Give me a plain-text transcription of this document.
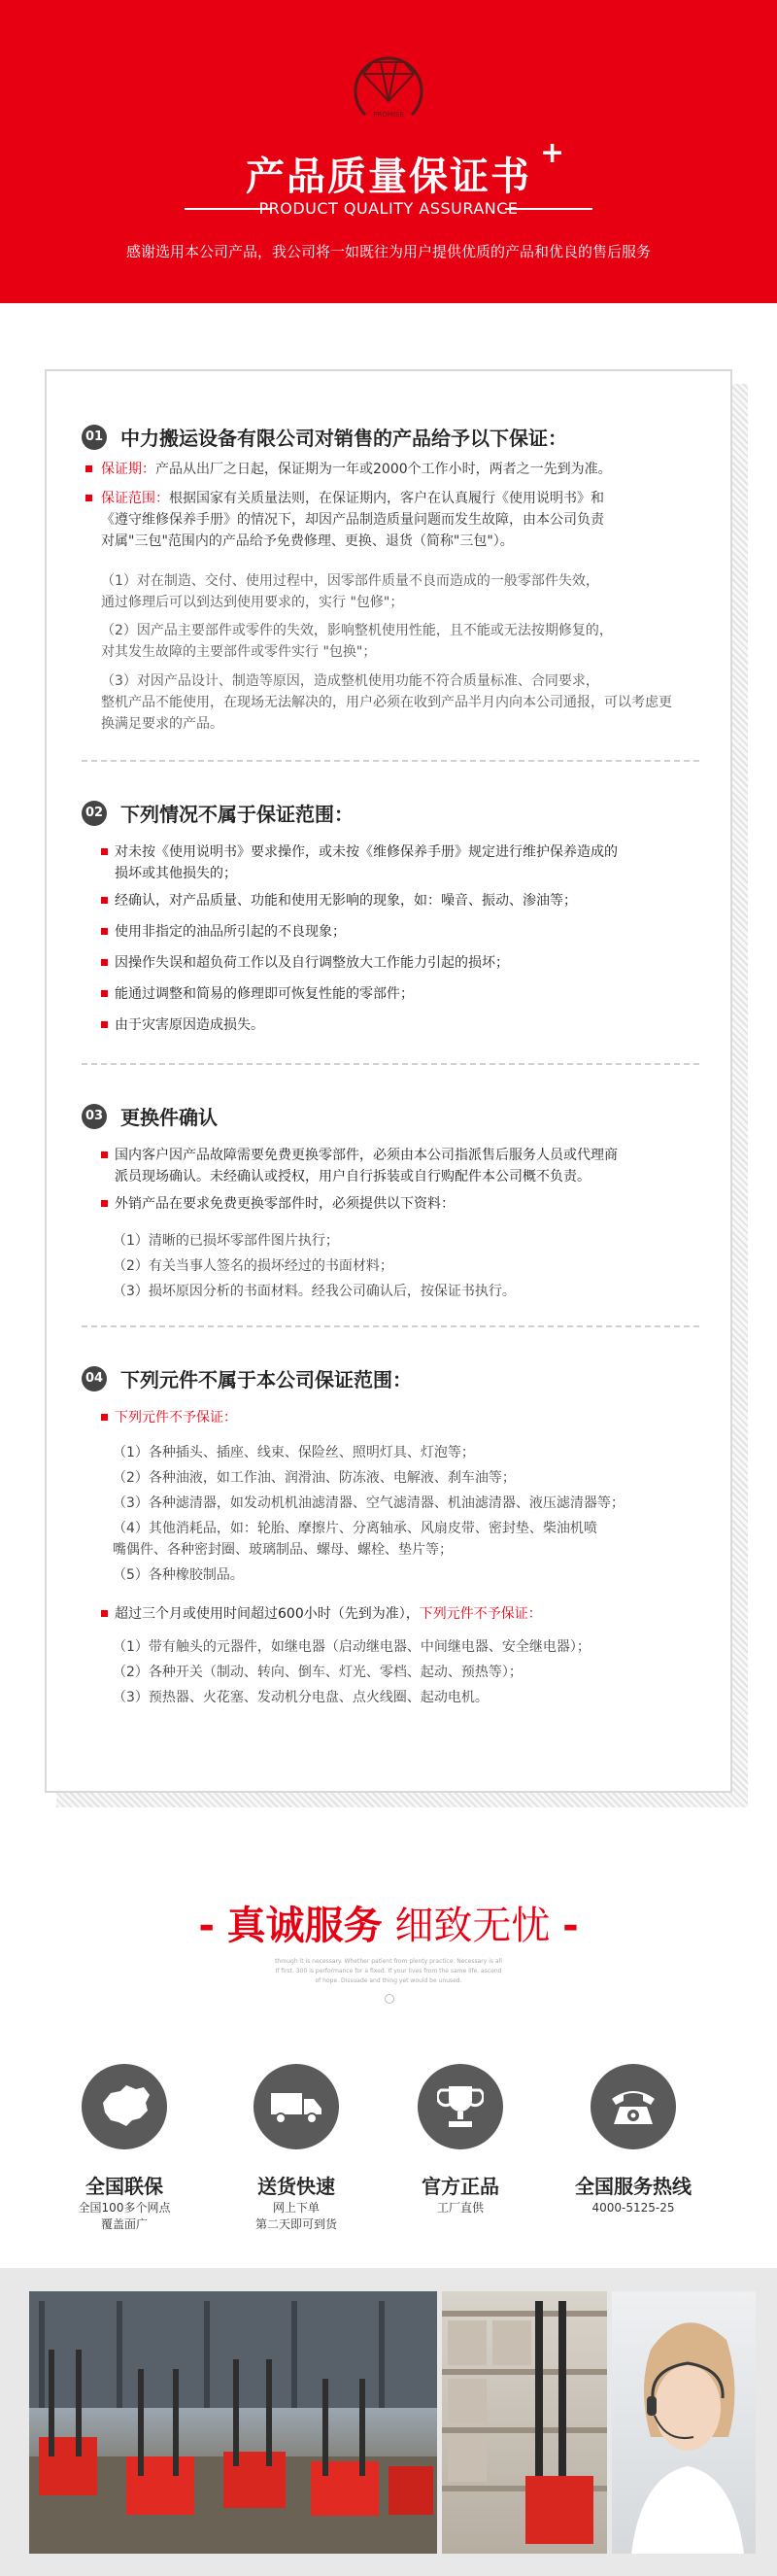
PROMISE
产品质量保证书
+
PRODUCT QUALITY ASSURANCE
感谢选用本公司产品，我公司将一如既往为用户提供优质的产品和优良的售后服务
01 中力搬运设备有限公司对销售的产品给予以下保证：
保证期：产品从出厂之日起，保证期为一年或2000个工作小时，两者之一先到为准。
保证范围：根据国家有关质量法则，在保证期内，客户在认真履行《使用说明书》和
《遵守维修保养手册》的情况下，却因产品制造质量问题而发生故障，由本公司负责
对属"三包"范围内的产品给予免费修理、更换、退货（简称"三包"）。
（1）对在制造、交付、使用过程中，因零部件质量不良而造成的一般零部件失效，
通过修理后可以到达到使用要求的，实行 "包修"；
（2）因产品主要部件或零件的失效，影响整机使用性能，且不能或无法按期修复的，
对其发生故障的主要部件或零件实行 "包换"；
（3）对因产品设计、制造等原因，造成整机使用功能不符合质量标准、合同要求，
整机产品不能使用，在现场无法解决的，用户必须在收到产品半月内向本公司通报，可以考虑更换满足要求的产品。
02 下列情况不属于保证范围：
对未按《使用说明书》要求操作，或未按《维修保养手册》规定进行维护保养造成的
损坏或其他损失的；
经确认，对产品质量、功能和使用无影响的现象，如：噪音、振动、渗油等；
使用非指定的油品所引起的不良现象；
因操作失误和超负荷工作以及自行调整放大工作能力引起的损坏；
能通过调整和简易的修理即可恢复性能的零部件；
由于灾害原因造成损失。
03 更换件确认
国内客户因产品故障需要免费更换零部件，必须由本公司指派售后服务人员或代理商
派员现场确认。未经确认或授权，用户自行拆装或自行购配件本公司概不负责。
外销产品在要求免费更换零部件时，必须提供以下资料：
（1）清晰的已损坏零部件图片执行；
（2）有关当事人签名的损坏经过的书面材料；
（3）损坏原因分析的书面材料。经我公司确认后，按保证书执行。
04 下列元件不属于本公司保证范围：
下列元件不予保证：
（1）各种插头、插座、线束、保险丝、照明灯具、灯泡等；
（2）各种油液，如工作油、润滑油、防冻液、电解液、刹车油等；
（3）各种滤清器，如发动机机油滤清器、空气滤清器、机油滤清器、液压滤清器等；
（4）其他消耗品，如：轮胎、摩擦片、分离轴承、风扇皮带、密封垫、柴油机喷
嘴偶件、各种密封圈、玻璃制品、螺母、螺栓、垫片等；
（5）各种橡胶制品。
超过三个月或使用时间超过600小时（先到为准），下列元件不予保证：
（1）带有触头的元器件，如继电器（启动继电器、中间继电器、安全继电器）；
（2）各种开关（制动、转向、倒车、灯光、零档、起动、预热等）；
（3）预热器、火花塞、发动机分电盘、点火线圈、起动电机。
- 真诚服务 细致无忧 -
through it is necessary. Whether patient from plenty practice. Necessary is all
If first. 300 is performance for a fixed. If your lives from the same life. ascend
of hope. Dissuade and thing yet would be unused.
全国联保
全国100多个网点
覆盖面广
送货快速
网上下单
第二天即可到货
官方正品
工厂直供
全国服务热线
4000-5125-25
